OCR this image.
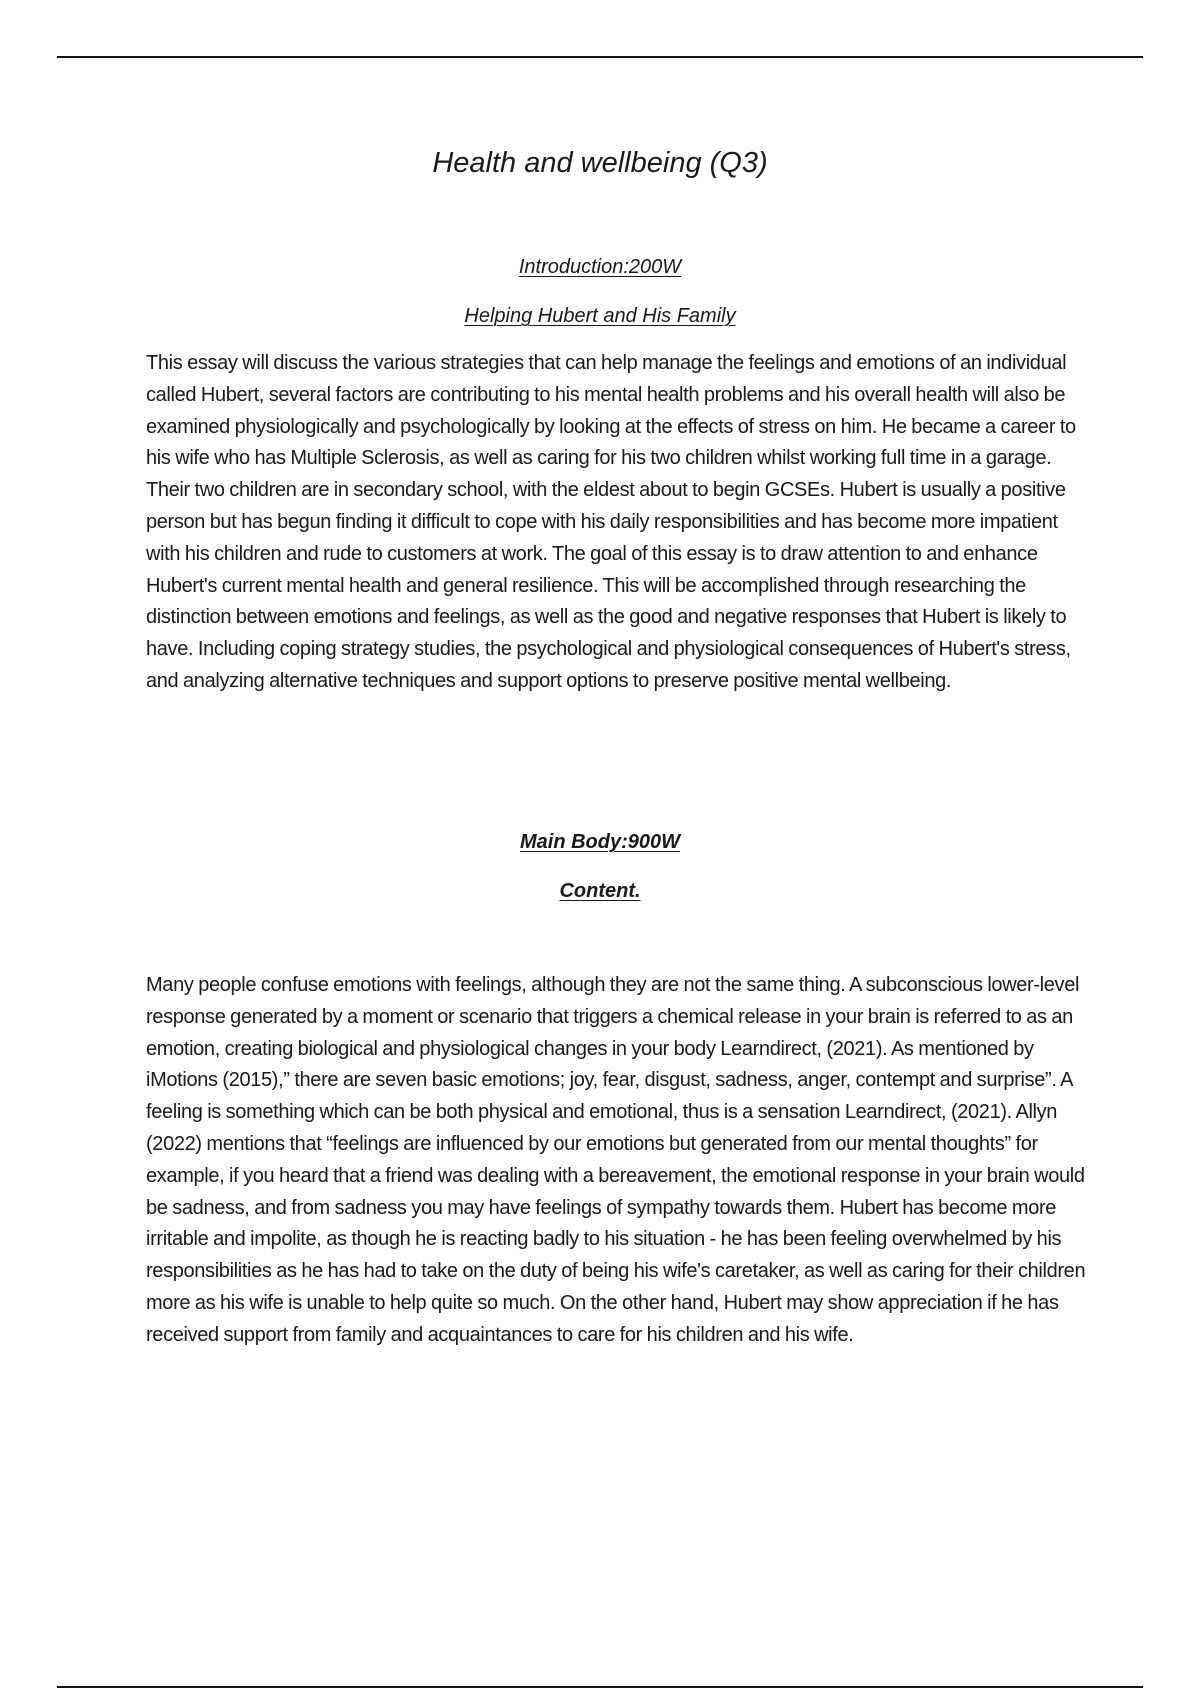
Health and wellbeing (Q3)
Introduction:200W
Helping Hubert and His Family

This essay will discuss the various strategies that can help manage the feelings and emotions of an individual called Hubert, several factors are contributing to his mental health problems and his overall health will also be examined physiologically and psychologically by looking at the effects of stress on him. He became a career to his wife who has Multiple Sclerosis, as well as caring for his two children whilst working full time in a garage. Their two children are in secondary school, with the eldest about to begin GCSEs. Hubert is usually a positive person but has begun finding it difficult to cope with his daily responsibilities and has become more impatient with his children and rude to customers at work. The goal of this essay is to draw attention to and enhance Hubert's current mental health and general resilience. This will be accomplished through researching the distinction between emotions and feelings, as well as the good and negative responses that Hubert is likely to have. Including coping strategy studies, the psychological and physiological consequences of Hubert's stress, and analyzing alternative techniques and support options to preserve positive mental wellbeing.

Main Body:900W
Content.

Many people confuse emotions with feelings, although they are not the same thing. A subconscious lower-level response generated by a moment or scenario that triggers a chemical release in your brain is referred to as an emotion, creating biological and physiological changes in your body Learndirect, (2021). As mentioned by iMotions (2015),” there are seven basic emotions; joy, fear, disgust, sadness, anger, contempt and surprise”. A feeling is something which can be both physical and emotional, thus is a sensation Learndirect, (2021). Allyn (2022) mentions that “feelings are influenced by our emotions but generated from our mental thoughts” for example, if you heard that a friend was dealing with a bereavement, the emotional response in your brain would be sadness, and from sadness you may have feelings of sympathy towards them. Hubert has become more irritable and impolite, as though he is reacting badly to his situation - he has been feeling overwhelmed by his responsibilities as he has had to take on the duty of being his wife's caretaker, as well as caring for their children more as his wife is unable to help quite so much. On the other hand, Hubert may show appreciation if he has received support from family and acquaintances to care for his children and his wife.
